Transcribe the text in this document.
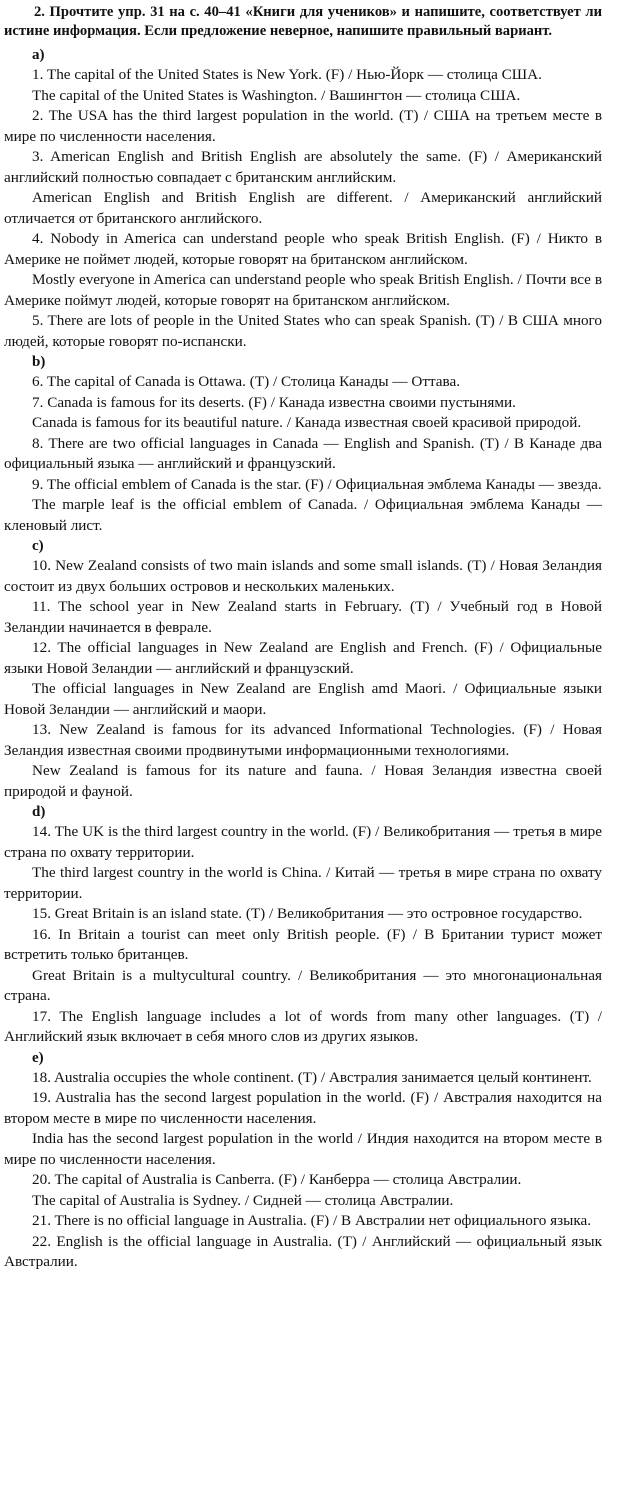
2. Прочтите упр. 31 на с. 40–41 «Книги для учеников» и напишите, соответствует ли истине информация. Если предложение неверное, напишите правильный вариант.

a)

1. The capital of the United States is New York. (F) / Нью-Йорк — столица США.

The capital of the United States is Washington. / Вашингтон — столица США.

2. The USA has the third largest population in the world. (T) / США на третьем месте в мире по численности населения.

3. American English and British English are absolutely the same. (F) / Американский английский полностью совпадает с британским английским.

American English and British English are different. / Американский английский отличается от британского английского.

4. Nobody in America can understand people who speak British English. (F) / Никто в Америке не поймет людей, которые говорят на британском английском.

Mostly everyone in America can understand people who speak British English. / Почти все в Америке поймут людей, которые говорят на британском английском.

5. There are lots of people in the United States who can speak Spanish. (T) / В США много людей, которые говорят по-испански.

b)

6. The capital of Canada is Ottawa. (T) / Столица Канады — Оттава.

7. Canada is famous for its deserts. (F) / Канада известна своими пустынями.

Canada is famous for its beautiful nature. / Канада известная своей красивой природой.

8. There are two official languages in Canada — English and Spanish. (T) / В Канаде два официальный языка — английский и французский.

9. The official emblem of Canada is the star. (F) / Официальная эмблема Канады — звезда.

The marple leaf is the official emblem of Canada. / Официальная эмблема Канады — кленовый лист.

c)

10. New Zealand consists of two main islands and some small islands. (T) / Новая Зеландия состоит из двух больших островов и нескольких маленьких.

11. The school year in New Zealand starts in February. (T) / Учебный год в Новой Зеландии начинается в феврале.

12. The official languages in New Zealand are English and French. (F) / Официальные языки Новой Зеландии — английский и французский.

The official languages in New Zealand are English amd Maori. / Официальные языки Новой Зеландии — английский и маори.

13. New Zealand is famous for its advanced Informational Technologies. (F) / Новая Зеландия известная своими продвинутыми информационными технологиями.

New Zealand is famous for its nature and fauna. / Новая Зеландия известна своей природой и фауной.

d)

14. The UK is the third largest country in the world. (F) / Великобритания — третья в мире страна по охвату территории.

The third largest country in the world is China. / Китай — третья в мире страна по охвату территории.

15. Great Britain is an island state. (T) / Великобритания — это островное государство.

16. In Britain a tourist can meet only British people. (F) / В Британии турист может встретить только британцев.

Great Britain is a multycultural country. / Великобритания — это многонациональная страна.

17. The English language includes a lot of words from many other languages. (T) / Английский язык включает в себя много слов из других языков.

e)

18. Australia occupies the whole continent. (T) / Австралия занимается целый континент.

19. Australia has the second largest population in the world. (F) / Австралия находится на втором месте в мире по численности населения.

India has the second largest population in the world / Индия находится на втором месте в мире по численности населения.

20. The capital of Australia is Canberra. (F) / Канберра — столица Австралии.

The capital of Australia is Sydney. / Сидней — столица Австралии.

21. There is no official language in Australia. (F) / В Австралии нет официального языка.

22. English is the official language in Australia. (T) / Английский — официальный язык Австралии.
